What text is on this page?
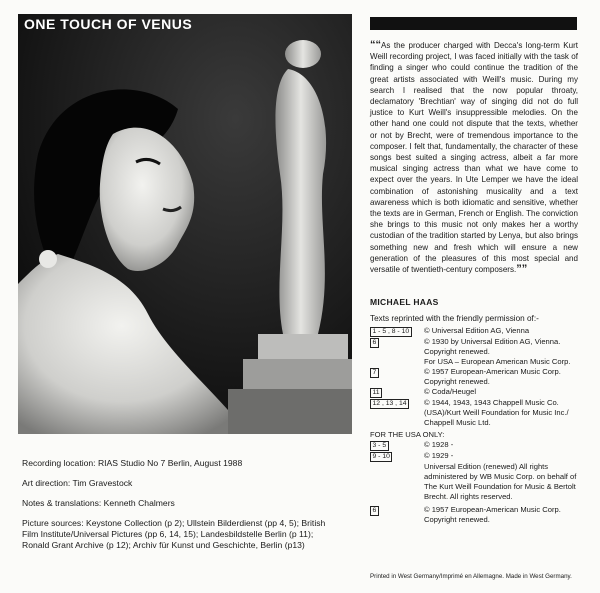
ONE TOUCH OF VENUS

Recording location: RIAS Studio No 7 Berlin, August 1988

Art direction: Tim Gravestock

Notes & translations: Kenneth Chalmers

Picture sources: Keystone Collection (p 2); Ullstein Bilderdienst (pp 4, 5); British Film Institute/Universal Pictures (pp 6, 14, 15); Landesbildstelle Berlin (p 11); Ronald Grant Archive (p 12); Archiv für Kunst und Geschichte, Berlin (p13)

““As the producer charged with Decca's long-term Kurt Weill recording project, I was faced initially with the task of finding a singer who could continue the tradition of the great artists associated with Weill's music. During my search I realised that the now popular throaty, declamatory 'Brechtian' way of singing did not do full justice to Kurt Weill's insuppressible melodies. On the other hand one could not dispute that the texts, whether or not by Brecht, were of tremendous importance to the composer. I felt that, fundamentally, the character of these songs best suited a singing actress, albeit a far more musical singing actress than what we have come to expect over the years. In Ute Lemper we have the ideal combination of astonishing musicality and a text awareness which is both idiomatic and sensitive, whether the texts are in German, French or English. The conviction she brings to this music not only makes her a worthy custodian of the tradition started by Lenya, but also brings something new and fresh which will ensure a new generation of the pleasures of this most special and versatile of twentieth-century composers.””
MICHAEL HAAS
Texts reprinted with the friendly permission of:-
1 - 5 , 8 - 10	© Universal Edition AG, Vienna
6	© 1930 by Universal Edition AG, Vienna. Copyright renewed.
For USA – European American Music Corp.
7	© 1957 European-American Music Corp. Copyright renewed.
11	© Coda/Heugel
12 , 13 , 14	© 1944, 1943, 1943 Chappell Music Co. (USA)/Kurt Weill Foundation for Music Inc./ Chappell Music Ltd.
FOR THE USA ONLY:
3 - 5	© 1928 -
9 - 10	© 1929 -
Universal Edition (renewed) All rights administered by WB Music Corp. on behalf of The Kurt Weill Foundation for Music & Bertolt Brecht. All rights reserved.
6	© 1957 European-American Music Corp. Copyright renewed.
Printed in West Germany/Imprimé en Allemagne. Made in West Germany.
